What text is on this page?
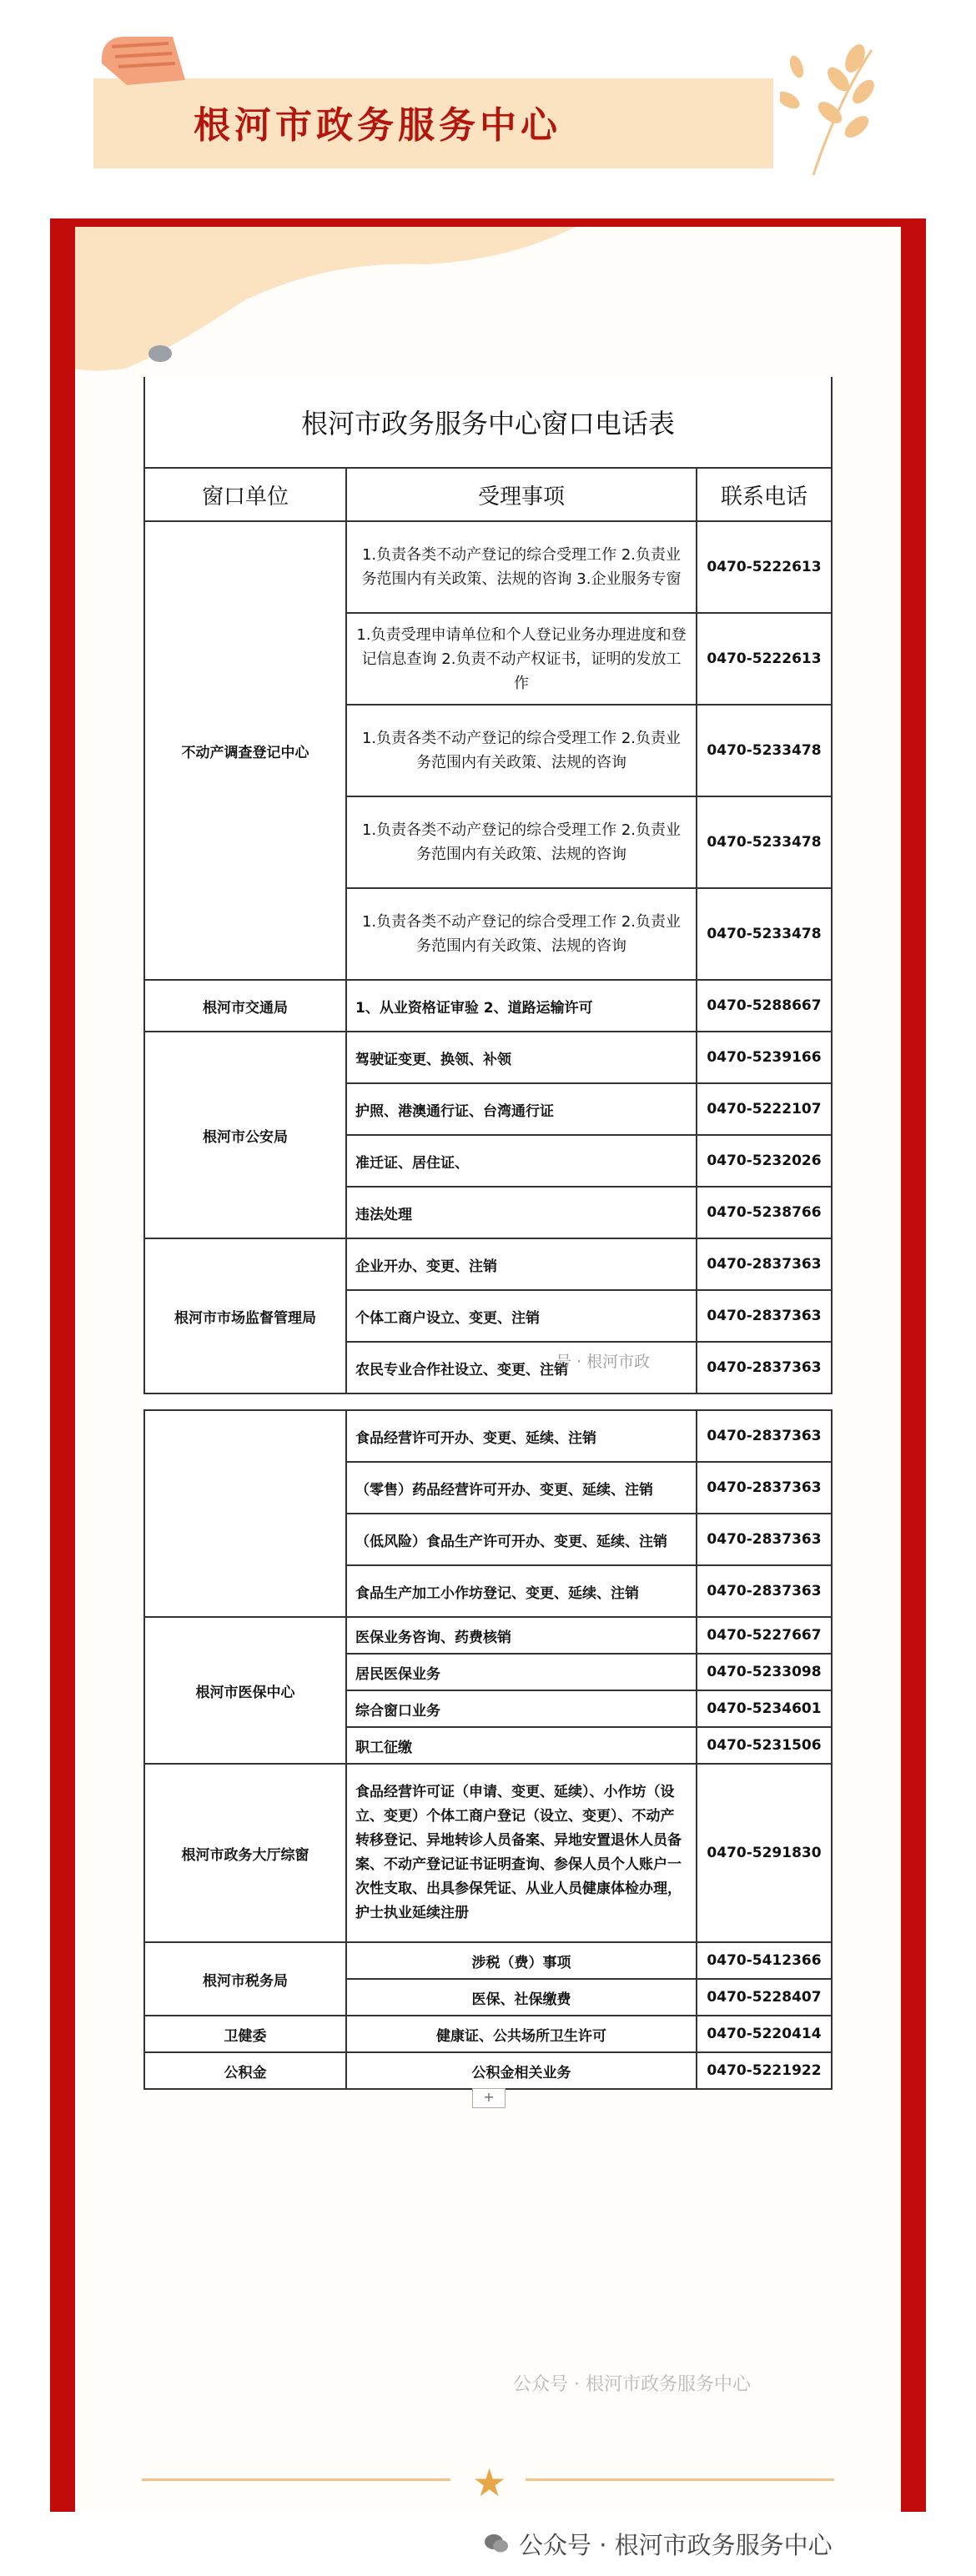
根河市政务服务中心
根河市政务服务中心窗口电话表		
窗口单位	受理事项	联系电话
不动产调查登记中心	1.负责各类不动产登记的综合受理工作 2.负责业务范围内有关政策、法规的咨询 3.企业服务专窗	0470-5222613
	1.负责受理申请单位和个人登记业务办理进度和登记信息查询 2.负责不动产权证书，证明的发放工作	0470-5222613
	1.负责各类不动产登记的综合受理工作 2.负责业务范围内有关政策、法规的咨询	0470-5233478
	1.负责各类不动产登记的综合受理工作 2.负责业务范围内有关政策、法规的咨询	0470-5233478
	1.负责各类不动产登记的综合受理工作 2.负责业务范围内有关政策、法规的咨询	0470-5233478
根河市交通局	1、从业资格证审验 2、道路运输许可	0470-5288667
根河市公安局	驾驶证变更、换领、补领	0470-5239166
	护照、港澳通行证、台湾通行证	0470-5222107
	准迁证、居住证、	0470-5232026
	违法处理	0470-5238766
根河市市场监督管理局	企业开办、变更、注销	0470-2837363
	个体工商户设立、变更、注销	0470-2837363
	农民专业合作社设立、变更、注销	0470-2837363
号 · 根河市政
	食品经营许可开办、变更、延续、注销	0470-2837363
	（零售）药品经营许可开办、变更、延续、注销	0470-2837363
	（低风险）食品生产许可开办、变更、延续、注销	0470-2837363
	食品生产加工小作坊登记、变更、延续、注销	0470-2837363
根河市医保中心	医保业务咨询、药费核销	0470-5227667
	居民医保业务	0470-5233098
	综合窗口业务	0470-5234601
	职工征缴	0470-5231506
根河市政务大厅综窗	食品经营许可证（申请、变更、延续）、小作坊（设立、变更）个体工商户登记（设立、变更）、不动产转移登记、异地转诊人员备案、异地安置退休人员备案、不动产登记证书证明查询、参保人员个人账户一次性支取、出具参保凭证、从业人员健康体检办理，护士执业延续注册	0470-5291830
根河市税务局	涉税（费）事项	0470-5412366
	医保、社保缴费	0470-5228407
卫健委	健康证、公共场所卫生许可	0470-5220414
公积金	公积金相关业务	0470-5221922
+
公众号 · 根河市政务服务中心
★
公众号 · 根河市政务服务中心
